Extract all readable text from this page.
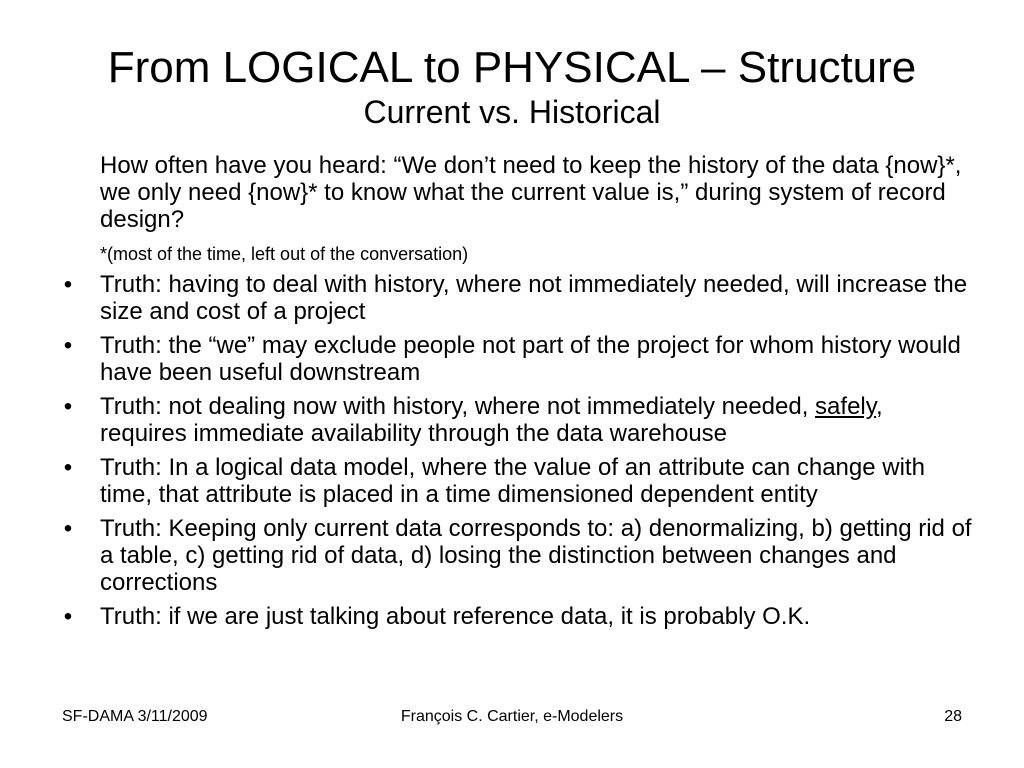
From LOGICAL to PHYSICAL – Structure
Current vs. Historical

How often have you heard: “We don’t need to keep the history of the data {now}*, we only need {now}* to know what the current value is,” during system of record design?

*(most of the time, left out of the conversation)

• Truth: having to deal with history, where not immediately needed, will increase the size and cost of a project
• Truth: the “we” may exclude people not part of the project for whom history would have been useful downstream
• Truth: not dealing now with history, where not immediately needed, safely, requires immediate availability through the data warehouse
• Truth: In a logical data model, where the value of an attribute can change with time, that attribute is placed in a time dimensioned dependent entity
• Truth: Keeping only current data corresponds to: a) denormalizing, b) getting rid of a table, c) getting rid of data, d) losing the distinction between changes and corrections
• Truth: if we are just talking about reference data, it is probably O.K.
SF-DAMA 3/11/2009	François C. Cartier, e-Modelers	28
